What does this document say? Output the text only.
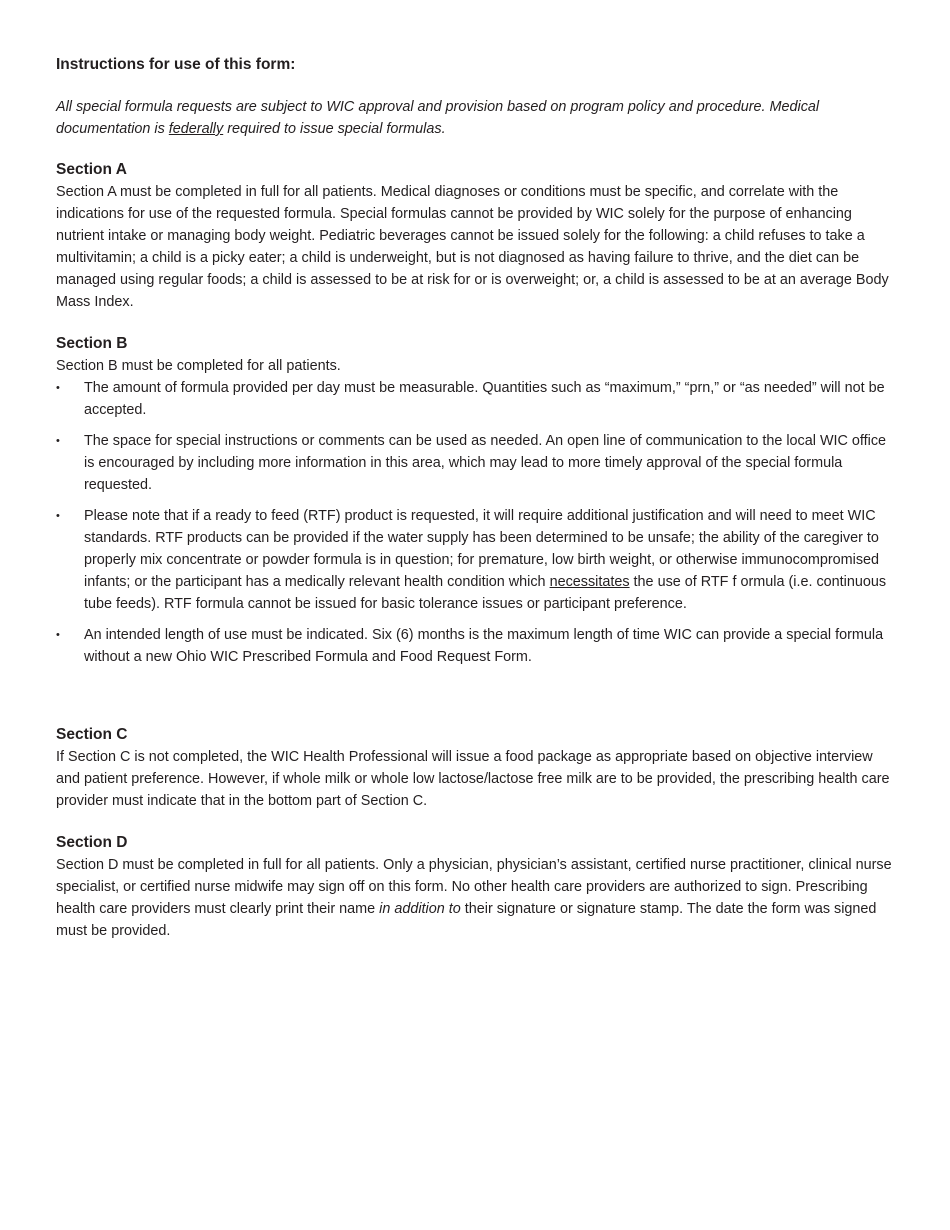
Instructions for use of this form:

All special formula requests are subject to WIC approval and provision based on program policy and procedure. Medical documentation is federally required to issue special formulas.

Section A

Section A must be completed in full for all patients. Medical diagnoses or conditions must be specific, and correlate with the indications for use of the requested formula. Special formulas cannot be provided by WIC solely for the purpose of enhancing nutrient intake or managing body weight. Pediatric beverages cannot be issued solely for the following: a child refuses to take a multivitamin; a child is a picky eater; a child is underweight, but is not diagnosed as having failure to thrive, and the diet can be managed using regular foods; a child is assessed to be at risk for or is overweight; or, a child is assessed to be at an average Body Mass Index.

Section B

Section B must be completed for all patients.

• The amount of formula provided per day must be measurable. Quantities such as “maximum,” “prn,” or “as needed” will not be accepted.
• The space for special instructions or comments can be used as needed. An open line of communication to the local WIC office is encouraged by including more information in this area, which may lead to more timely approval of the special formula requested.
• Please note that if a ready to feed (RTF) product is requested, it will require additional justification and will need to meet WIC standards. RTF products can be provided if the water supply has been determined to be unsafe; the ability of the caregiver to properly mix concentrate or powder formula is in question; for premature, low birth weight, or otherwise immunocompromised infants; or the participant has a medically relevant health condition which necessitates the use of RTF f ormula (i.e. continuous tube feeds). RTF formula cannot be issued for basic tolerance issues or participant preference.
• An intended length of use must be indicated. Six (6) months is the maximum length of time WIC can provide a special formula without a new Ohio WIC Prescribed Formula and Food Request Form.
Section C

If Section C is not completed, the WIC Health Professional will issue a food package as appropriate based on objective interview and patient preference. However, if whole milk or whole low lactose/lactose free milk are to be provided, the prescribing health care provider must indicate that in the bottom part of Section C.

Section D

Section D must be completed in full for all patients. Only a physician, physician’s assistant, certified nurse practitioner, clinical nurse specialist, or certified nurse midwife may sign off on this form. No other health care providers are authorized to sign. Prescribing health care providers must clearly print their name in addition to their signature or signature stamp. The date the form was signed must be provided.
